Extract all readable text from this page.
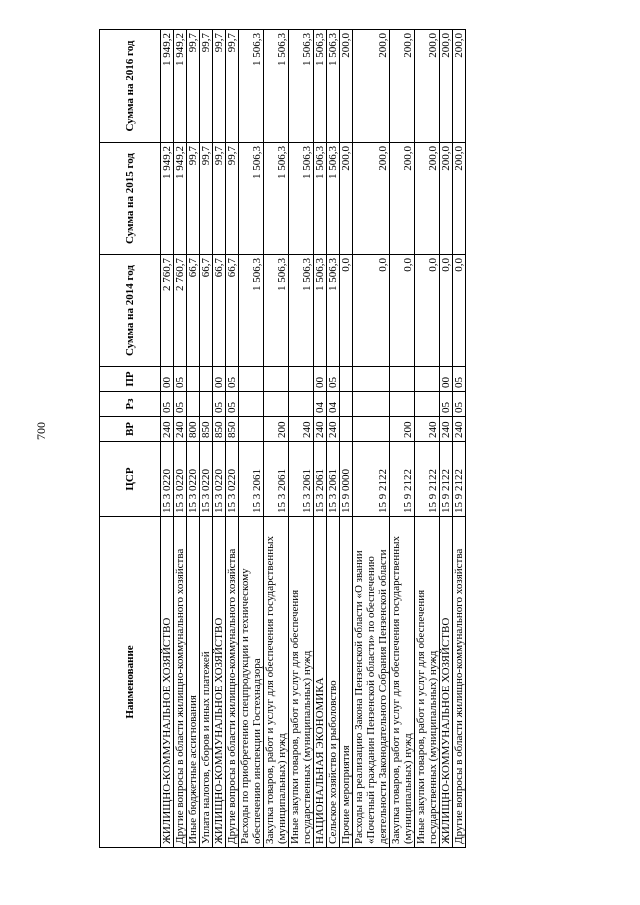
700
Наименование	ЦСР	ВР	Рз	ПР	Сумма на 2014 год	Сумма на 2015 год	Сумма на 2016 год
ЖИЛИЩНО-КОММУНАЛЬНОЕ ХОЗЯЙСТВО	15 3 0220	240	05	00	2 760,7	1 949,2	1 949,2
Другие вопросы в области жилищно-коммунального хозяйства	15 3 0220	240	05	05	2 760,7	1 949,2	1 949,2
Иные бюджетные ассигнования	15 3 0220	800			66,7	99,7	99,7
Уплата налогов, сборов и иных платежей	15 3 0220	850			66,7	99,7	99,7
ЖИЛИЩНО-КОММУНАЛЬНОЕ ХОЗЯЙСТВО	15 3 0220	850	05	00	66,7	99,7	99,7
Другие вопросы в области жилищно-коммунального хозяйства	15 3 0220	850	05	05	66,7	99,7	99,7
Расходы по приобретению спецпродукции и техническому обеспечению инспекции Гостехнадзора	15 3 2061				1 506,3	1 506,3	1 506,3
Закупка товаров, работ и услуг для обеспечения государственных (муниципальных) нужд	15 3 2061	200			1 506,3	1 506,3	1 506,3
Иные закупки товаров, работ и услуг для обеспечения государственных (муниципальных) нужд	15 3 2061	240			1 506,3	1 506,3	1 506,3
НАЦИОНАЛЬНАЯ ЭКОНОМИКА	15 3 2061	240	04	00	1 506,3	1 506,3	1 506,3
Сельское хозяйство и рыболовство	15 3 2061	240	04	05	1 506,3	1 506,3	1 506,3
Прочие мероприятия	15 9 0000				0,0	200,0	200,0
Расходы на реализацию Закона Пензенской области «О звании «Почетный гражданин Пензенской области» по обеспечению деятельности Законодательного Собрания Пензенской области	15 9 2122				0,0	200,0	200,0
Закупка товаров, работ и услуг для обеспечения государственных (муниципальных) нужд	15 9 2122	200			0,0	200,0	200,0
Иные закупки товаров, работ и услуг для обеспечения государственных (муниципальных) нужд	15 9 2122	240			0,0	200,0	200,0
ЖИЛИЩНО-КОММУНАЛЬНОЕ ХОЗЯЙСТВО	15 9 2122	240	05	00	0,0	200,0	200,0
Другие вопросы в области жилищно-коммунального хозяйства	15 9 2122	240	05	05	0,0	200,0	200,0
